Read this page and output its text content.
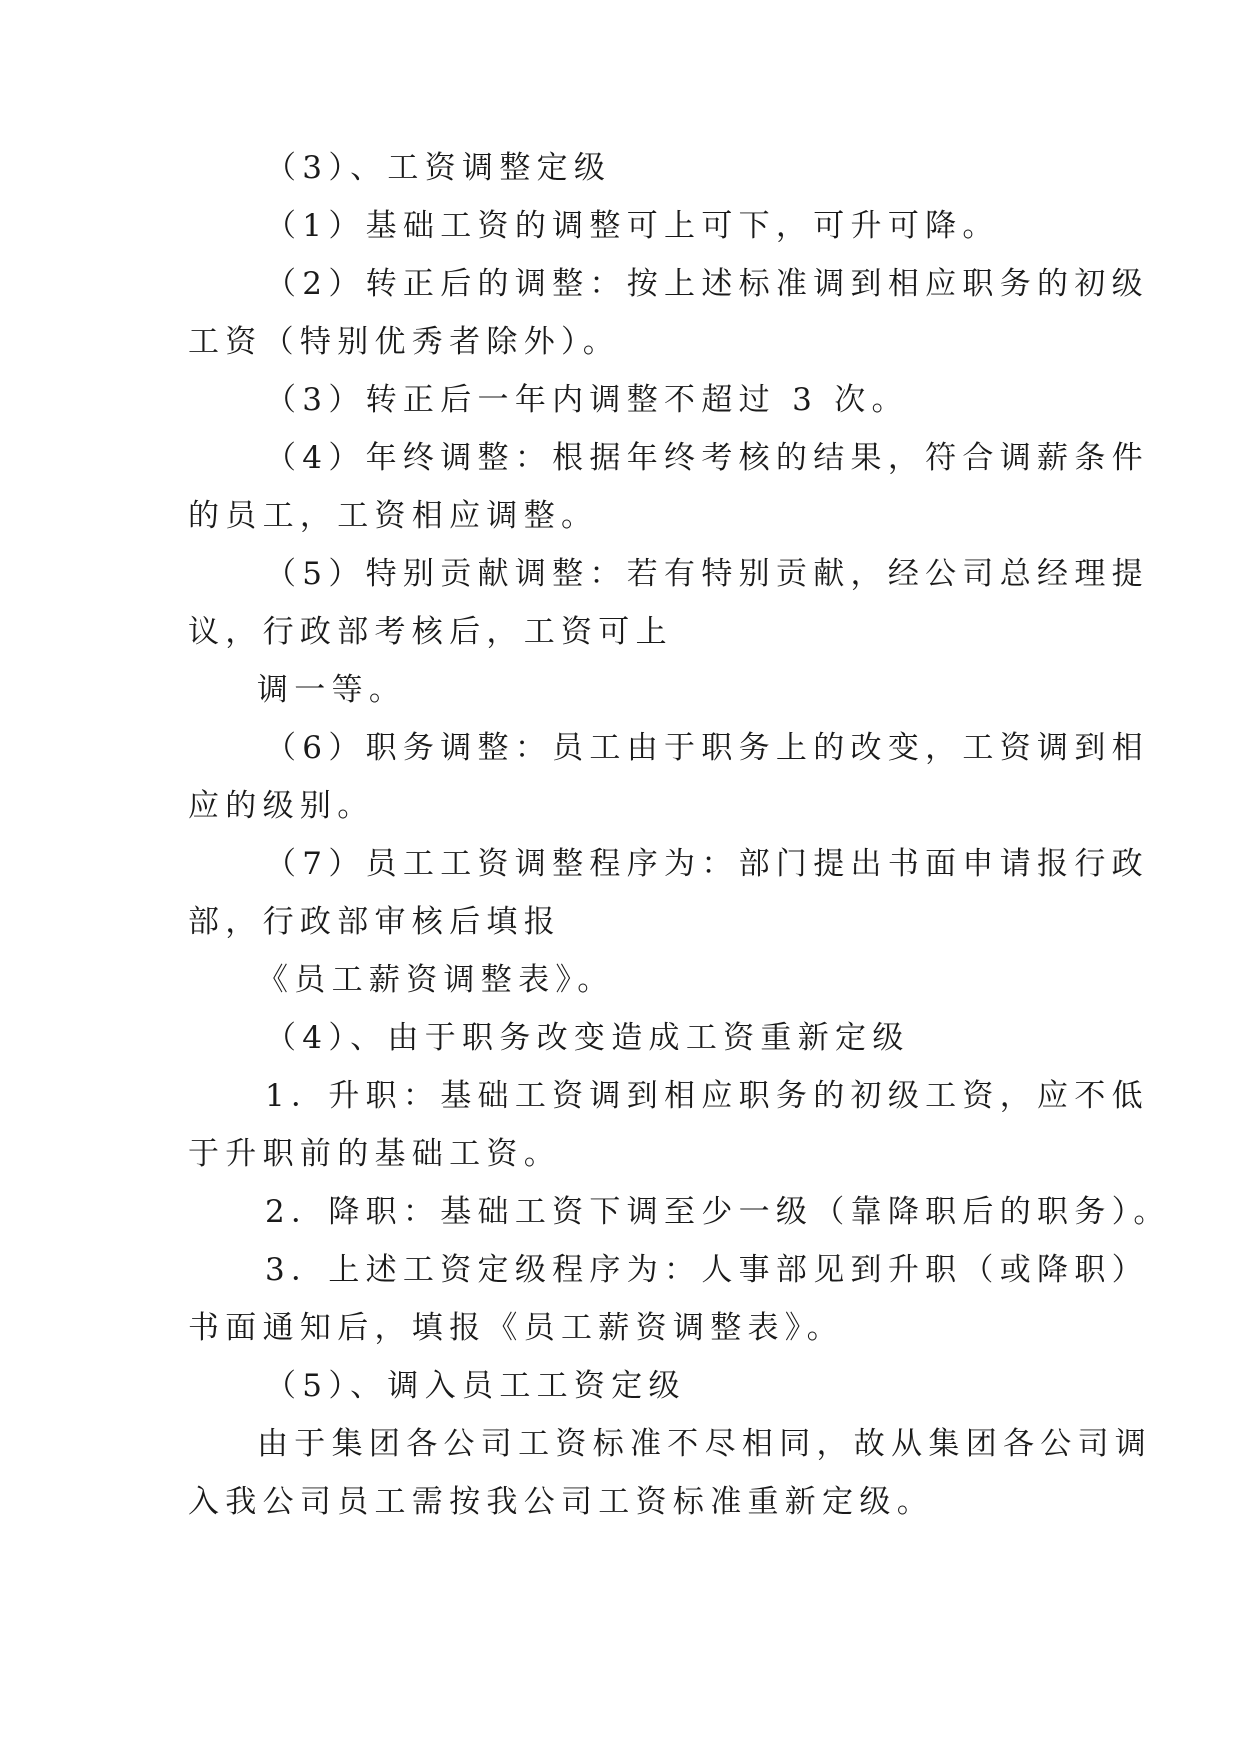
（3）、工资调整定级
（1）基础工资的调整可上可下，可升可降。
（2）转正后的调整：按上述标准调到相应职务的初级
工资（特别优秀者除外）。
（3）转正后一年内调整不超过 3 次。
（4）年终调整：根据年终考核的结果，符合调薪条件
的员工，工资相应调整。
（5）特别贡献调整：若有特别贡献，经公司总经理提
议，行政部考核后，工资可上
调一等。
（6）职务调整：员工由于职务上的改变，工资调到相
应的级别。
（7）员工工资调整程序为：部门提出书面申请报行政
部，行政部审核后填报
《员工薪资调整表》。
（4）、由于职务改变造成工资重新定级
1．升职：基础工资调到相应职务的初级工资，应不低
于升职前的基础工资。
2．降职：基础工资下调至少一级（靠降职后的职务）。
3．上述工资定级程序为：人事部见到升职（或降职）
书面通知后，填报《员工薪资调整表》。
（5）、调入员工工资定级
由于集团各公司工资标准不尽相同，故从集团各公司调
入我公司员工需按我公司工资标准重新定级。
